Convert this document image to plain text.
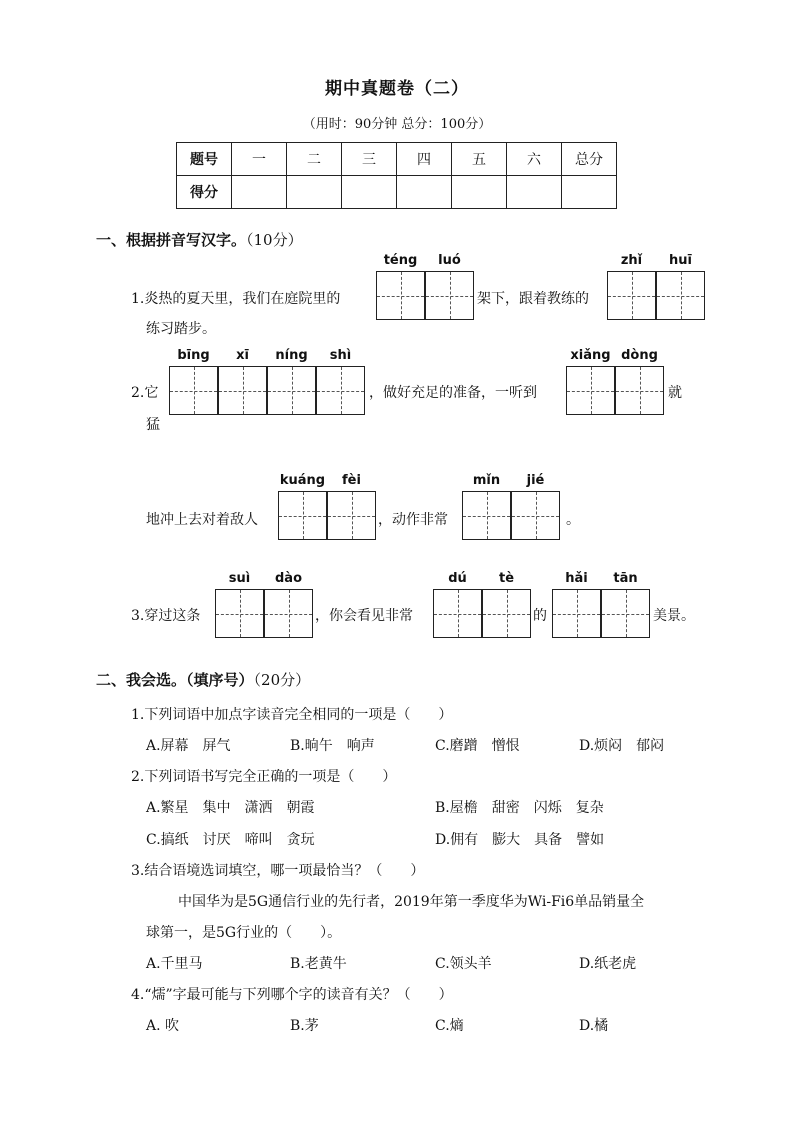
期中真题卷（二）
（用时：90分钟 总分：100分）
题号	一	二	三	四	五	六	总分
得分							
一、根据拼音写汉字。（10分）
téng	luó	zhǐ	huī
1.炎热的夏天里，我们在庭院里的	架下，跟着教练的
练习踏步。
bīng	xī	níng	shì	xiǎng dòng
2.它	，做好充足的准备，一听到	就
猛
kuáng	fèi	mǐn	jié
地冲上去对着敌人	，动作非常	。
suì	dào	dú	tè	hǎi	tān
3.穿过这条	，你会看见非常	的	美景。
二、我会选。（填序号）（20分）
1.下列词语中加点字读音完全相同的一项是（　　）
A.屏幕　屏气	B.晌午　响声	C.磨蹭　憎恨	D.烦闷　郁闷
2.下列词语书写完全正确的一项是（　　）
A.繁星　集中　潇洒　朝霞	B.屋檐　甜密　闪烁　复杂
C.搞纸　讨厌　啼叫　贪玩	D.佣有　膨大　具备　譬如
3.结合语境选词填空，哪一项最恰当？（　　）
中国华为是5G通信行业的先行者，2019年第一季度华为Wi-Fi6单品销量全
球第一，是5G行业的（　　）。
A.千里马	B.老黄牛	C.领头羊	D.纸老虎
4.“燸”字最可能与下列哪个字的读音有关？（　　）
A. 吹	B.茅	C.熵	D.橘
